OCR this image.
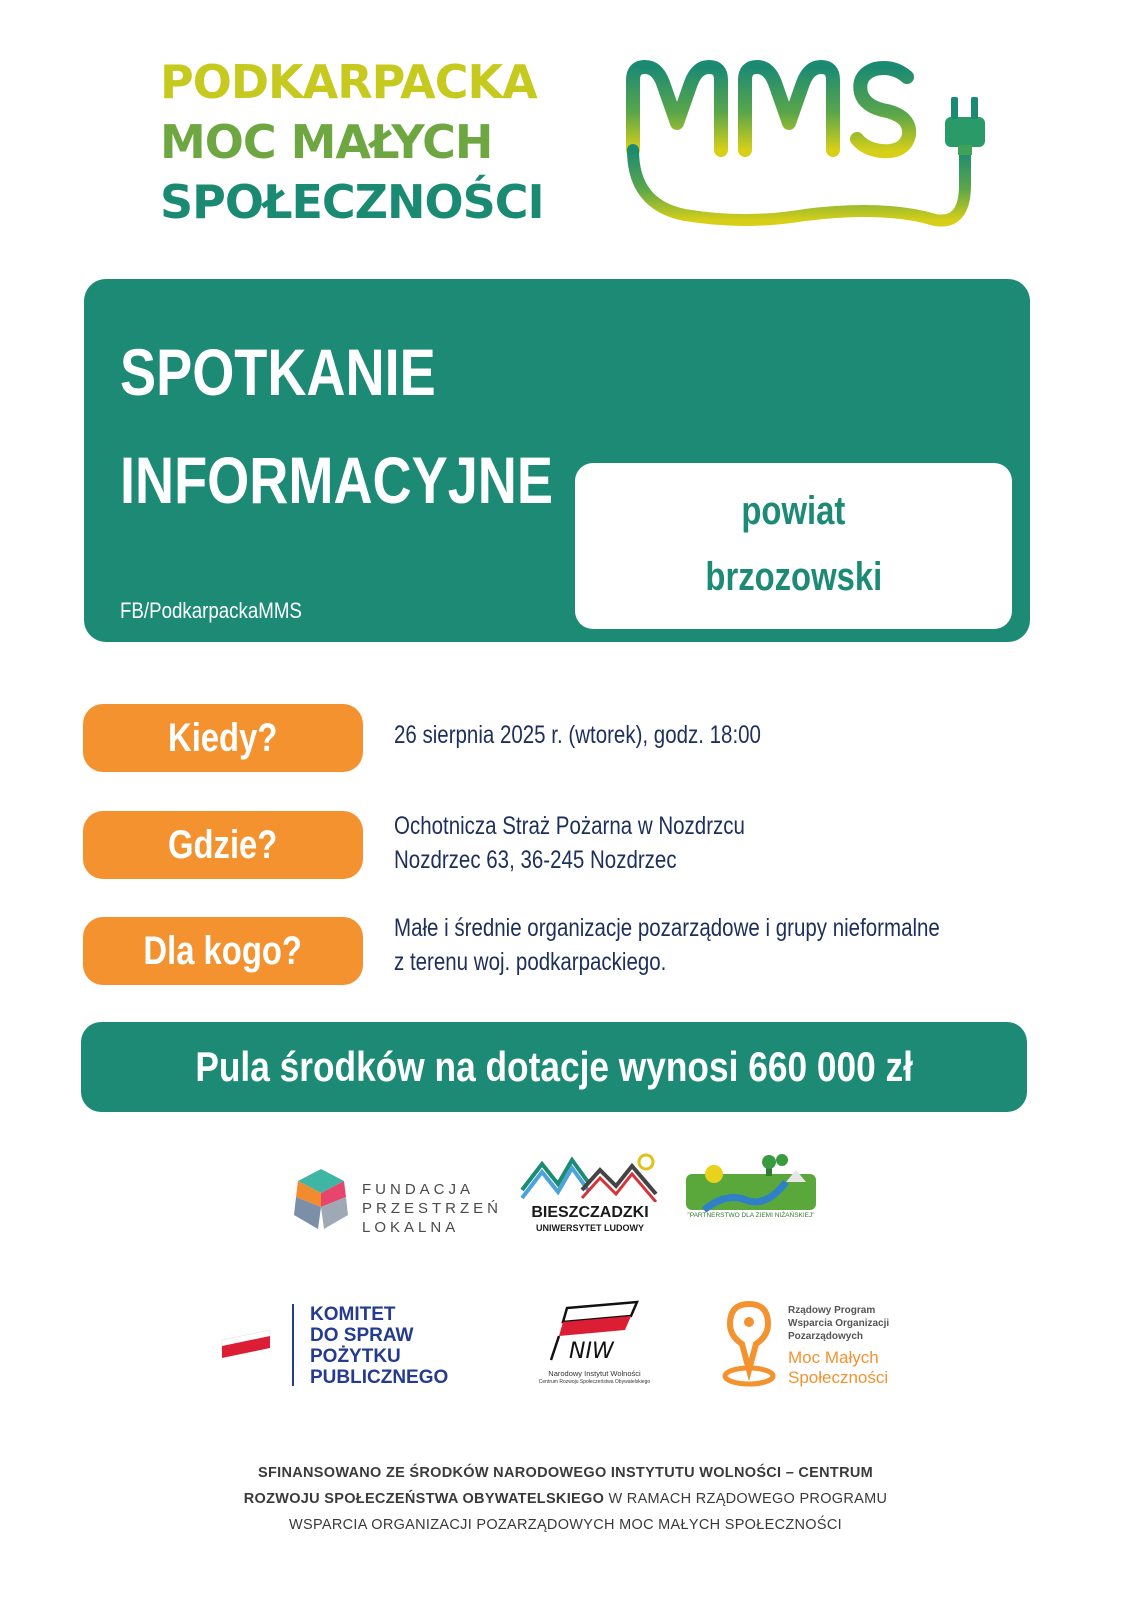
PODKARPACKA
MOC MAŁYCH
SPOŁECZNOŚCI
SPOTKANIE
INFORMACYJNE
FB/PodkarpackaMMS
powiat
brzozowski
Kiedy?	26 sierpnia 2025 r. (wtorek), godz. 18:00
Gdzie?	Ochotnicza Straż Pożarna w Nozdrzcu
Nozdrzec 63, 36-245 Nozdrzec
Dla kogo?
Małe i średnie organizacje pozarządowe i grupy nieformalne
z terenu woj. podkarpackiego.
Pula środków na dotacje wynosi 660 000 zł
FUNDACJA
PRZESTRZEŃ
LOKALNA
BIESZCZADZKI
UNIWERSYTET LUDOWY
"PARTNERSTWO DLA ZIEMI NIŻAŃSKIEJ"
KOMITET
DO SPRAW
POŻYTKU
PUBLICZNEGO
NIW
Narodowy Instytut Wolności
Centrum Rozwoju Społeczeństwa Obywatelskiego
Rządowy Program
Wsparcia Organizacji
Pozarządowych
Moc Małych
Społeczności
SFINANSOWANO ZE ŚRODKÓW NARODOWEGO INSTYTUTU WOLNOŚCI – CENTRUM
ROZWOJU SPOŁECZEŃSTWA OBYWATELSKIEGO W RAMACH RZĄDOWEGO PROGRAMU
WSPARCIA ORGANIZACJI POZARZĄDOWYCH MOC MAŁYCH SPOŁECZNOŚCI
